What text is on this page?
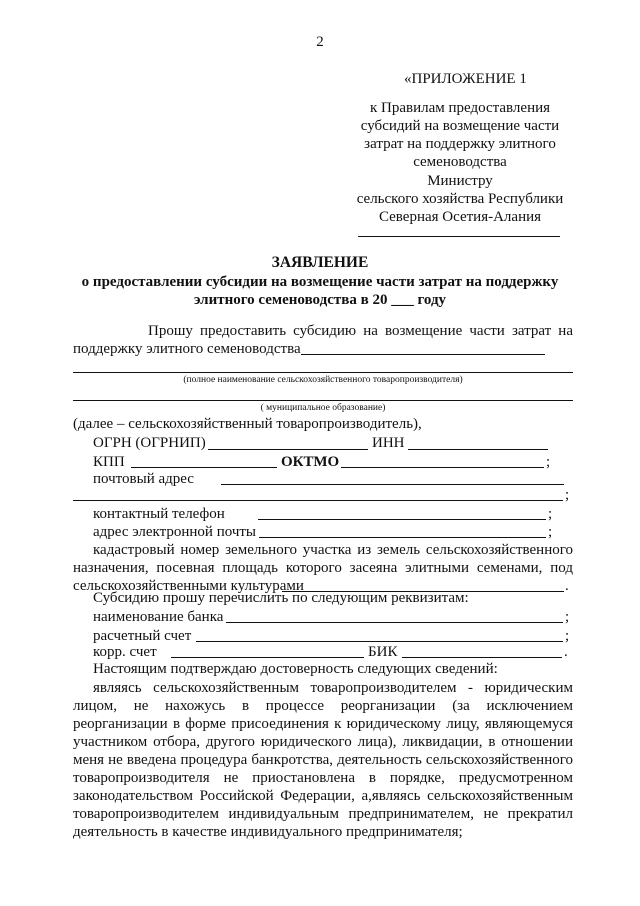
2
«ПРИЛОЖЕНИЕ 1
к Правилам предоставления
субсидий на возмещение части
затрат на поддержку элитного
семеноводства
Министру
сельского хозяйства Республики
Северная Осетия-Алания
ЗАЯВЛЕНИЕ
о предоставлении субсидии на возмещение части затрат на поддержку
элитного семеноводства в 20 ___ году
Прошу предоставить субсидию на возмещение части затрат на
поддержку элитного семеноводства
(полное наименование сельскохозяйственного товаропроизводителя)
( муниципальное образование)
(далее – сельскохозяйственный товаропроизводитель),
ОГРН (ОГРНИП)	ИНН
КПП	ОКТМО	;
почтовый адрес
;
контактный телефон	;
адрес электронной почты	;
кадастровый номер земельного участка из земель сельскохозяйственного
назначения, посевная площадь которого засеяна элитными семенами, под
сельскохозяйственными культурами	.
Субсидию прошу перечислить по следующим реквизитам:
наименование банка	;
расчетный счет	;
корр. счет	БИК	.
Настоящим подтверждаю достоверность следующих сведений:
являясь сельскохозяйственным товаропроизводителем - юридическим
лицом, не нахожусь в процессе реорганизации (за исключением
реорганизации в форме присоединения к юридическому лицу, являющемуся
участником отбора, другого юридического лица), ликвидации, в отношении
меня не введена процедура банкротства, деятельность сельскохозяйственного
товаропроизводителя не приостановлена в порядке, предусмотренном
законодательством Российской Федерации, а,являясь сельскохозяйственным
товаропроизводителем индивидуальным предпринимателем, не прекратил
деятельность в качестве индивидуального предпринимателя;
